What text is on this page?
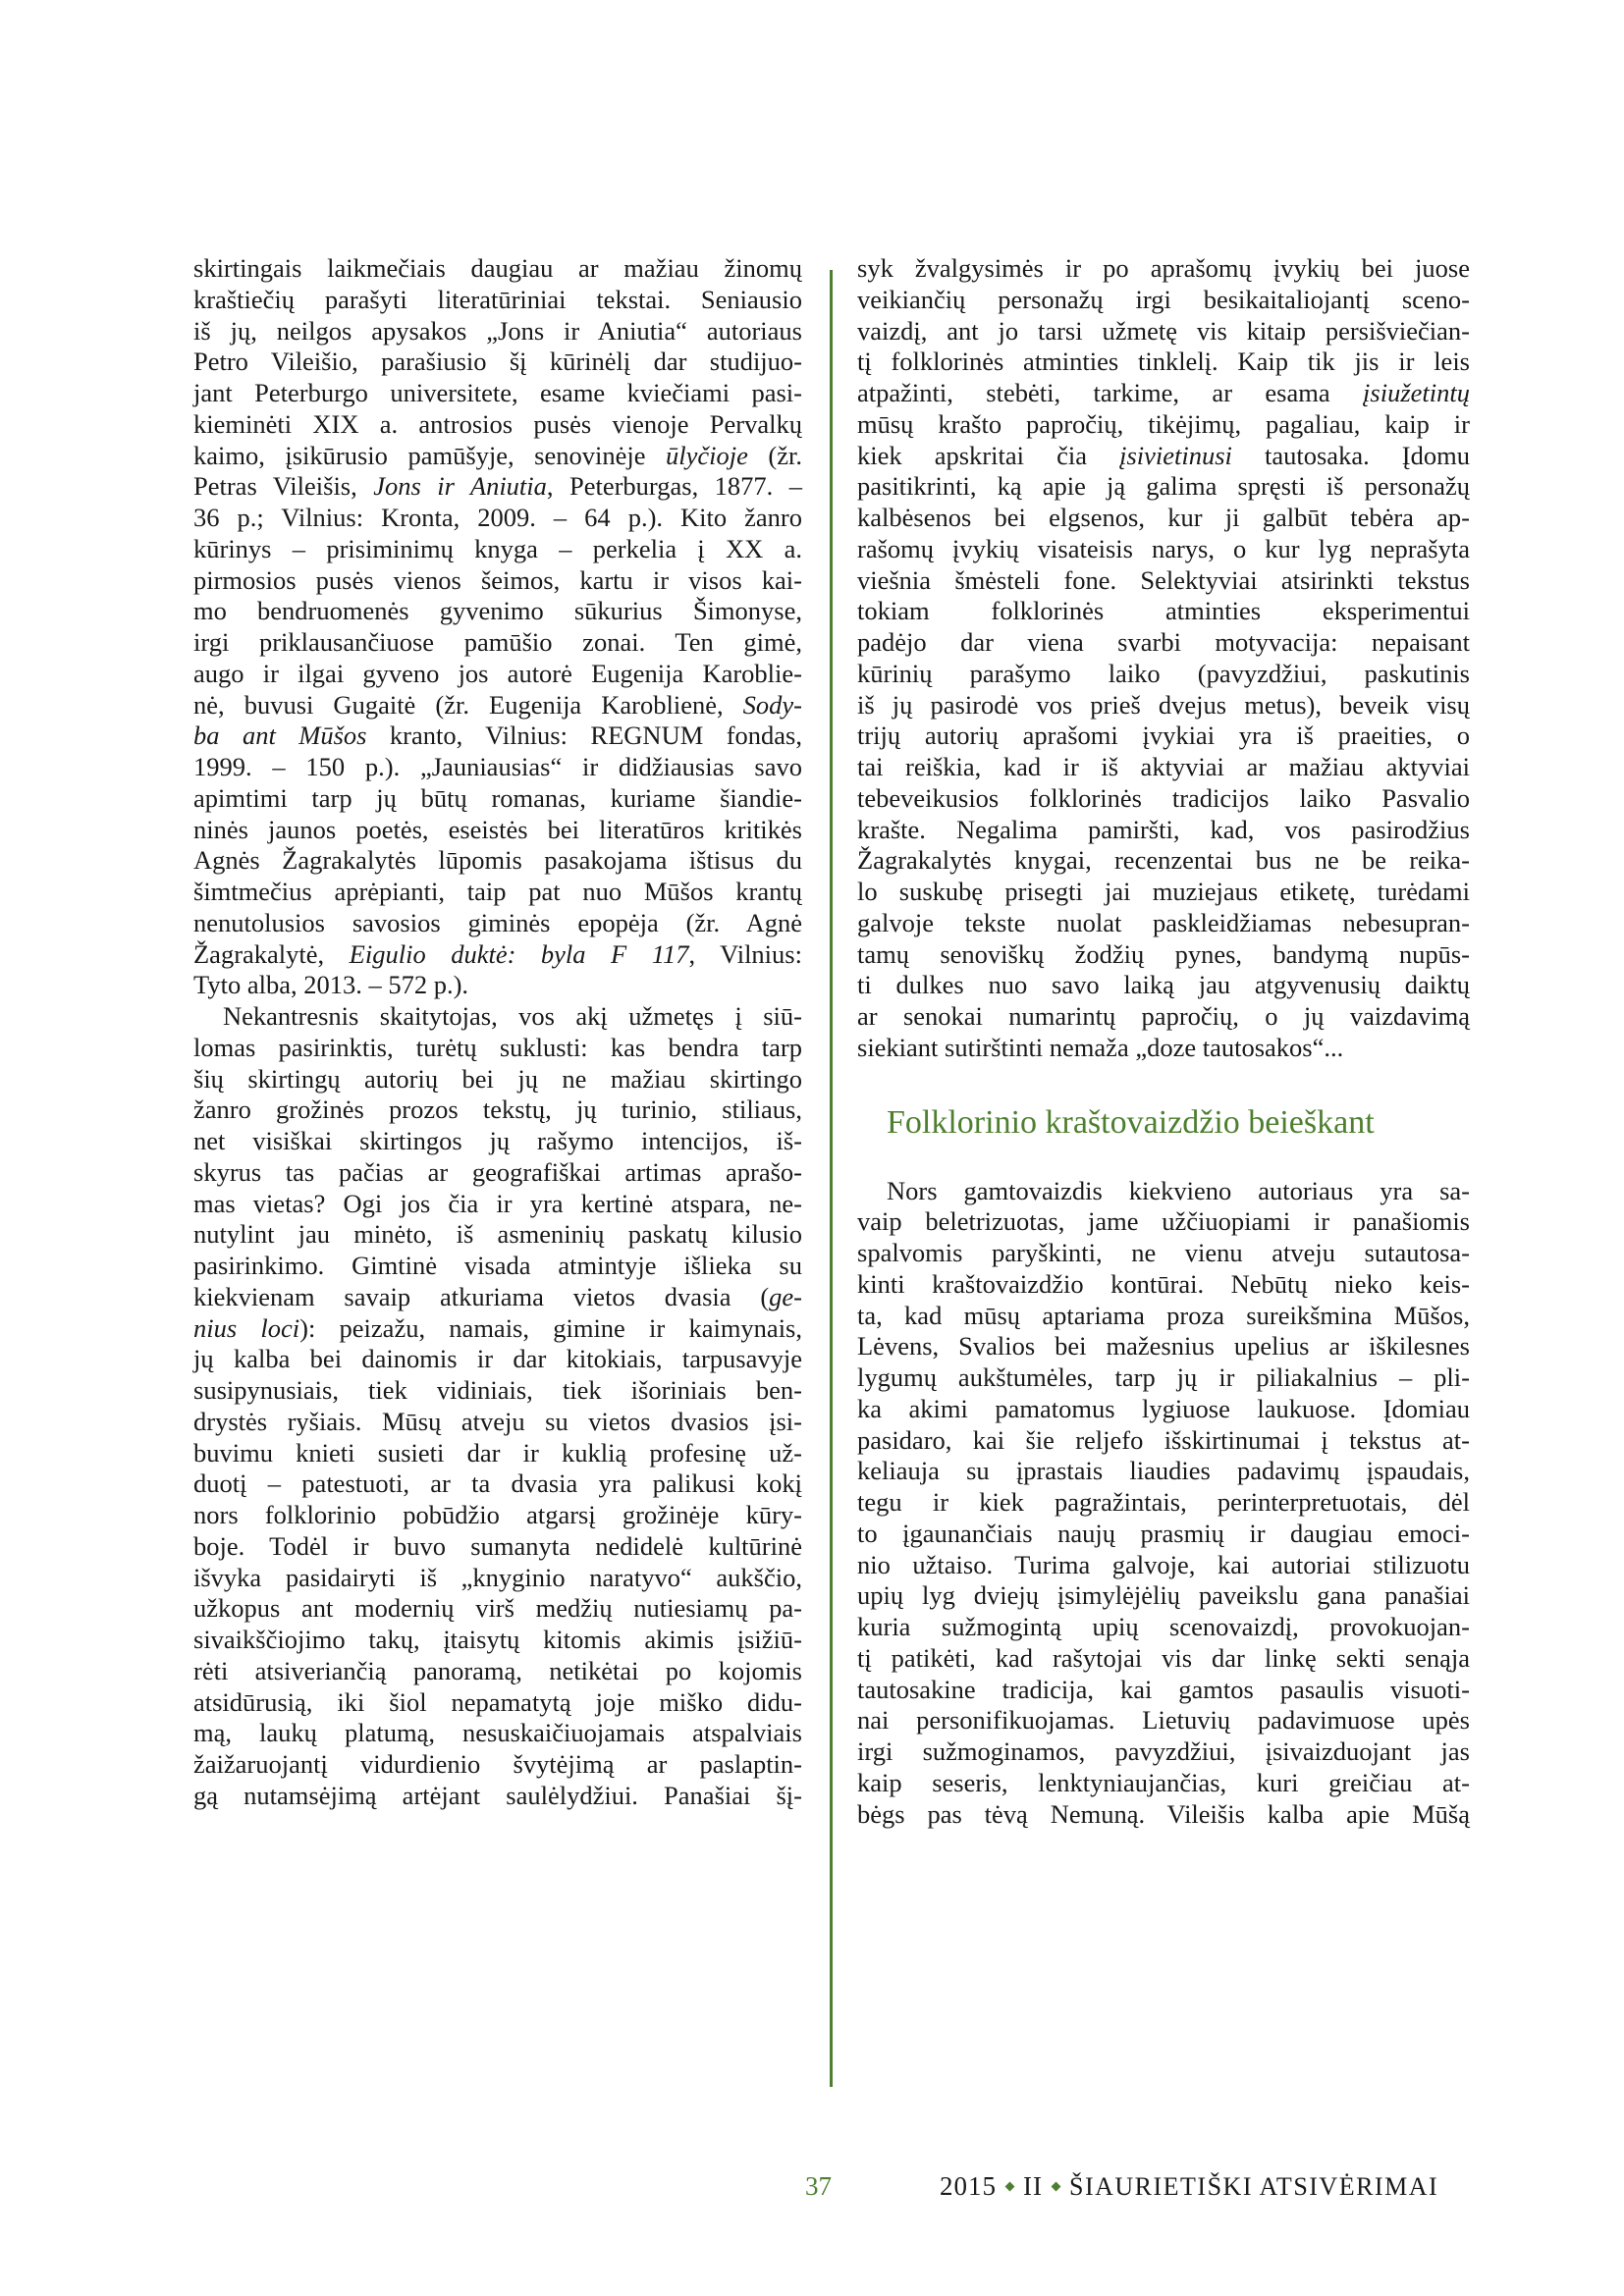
skirtingais laikmečiais daugiau ar mažiau žinomų
kraštiečių parašyti literatūriniai tekstai. Seniausio
iš jų, neilgos apysakos „Jons ir Aniutia“ autoriaus
Petro Vileišio, parašiusio šį kūrinėlį dar studijuo-
jant Peterburgo universitete, esame kviečiami pasi-
kieminėti XIX a. antrosios pusės vienoje Pervalkų
kaimo, įsikūrusio pamūšyje, senovinėje ūlyčioje (žr.
Petras Vileišis, Jons ir Aniutia, Peterburgas, 1877. –
36 p.; Vilnius: Kronta, 2009. – 64 p.). Kito žanro
kūrinys – prisiminimų knyga – perkelia į XX a.
pirmosios pusės vienos šeimos, kartu ir visos kai-
mo bendruomenės gyvenimo sūkurius Šimonyse,
irgi priklausančiuose pamūšio zonai. Ten gimė,
augo ir ilgai gyveno jos autorė Eugenija Karoblie-
nė, buvusi Gugaitė (žr. Eugenija Karoblienė, Sody-
ba ant Mūšos kranto, Vilnius: REGNUM fondas,
1999. – 150 p.). „Jauniausias“ ir didžiausias savo
apimtimi tarp jų būtų romanas, kuriame šiandie-
ninės jaunos poetės, eseistės bei literatūros kritikės
Agnės Žagrakalytės lūpomis pasakojama ištisus du
šimtmečius aprėpianti, taip pat nuo Mūšos krantų
nenutolusios savosios giminės epopėja (žr. Agnė
Žagrakalytė, Eigulio duktė: byla F 117, Vilnius:
Tyto alba, 2013. – 572 p.).
Nekantresnis skaitytojas, vos akį užmetęs į siū-
lomas pasirinktis, turėtų suklusti: kas bendra tarp
šių skirtingų autorių bei jų ne mažiau skirtingo
žanro grožinės prozos tekstų, jų turinio, stiliaus,
net visiškai skirtingos jų rašymo intencijos, iš-
skyrus tas pačias ar geografiškai artimas aprašo-
mas vietas? Ogi jos čia ir yra kertinė atspara, ne-
nutylint jau minėto, iš asmeninių paskatų kilusio
pasirinkimo. Gimtinė visada atmintyje išlieka su
kiekvienam savaip atkuriama vietos dvasia (ge-
nius loci): peizažu, namais, gimine ir kaimynais,
jų kalba bei dainomis ir dar kitokiais, tarpusavyje
susipynusiais, tiek vidiniais, tiek išoriniais ben-
drystės ryšiais. Mūsų atveju su vietos dvasios įsi-
buvimu knieti susieti dar ir kuklią profesinę už-
duotį – patestuoti, ar ta dvasia yra palikusi kokį
nors folklorinio pobūdžio atgarsį grožinėje kūry-
boje. Todėl ir buvo sumanyta nedidelė kultūrinė
išvyka pasidairyti iš „knyginio naratyvo“ aukščio,
užkopus ant modernių virš medžių nutiesiamų pa-
sivaikščiojimo takų, įtaisytų kitomis akimis įsižiū-
rėti atsiveriančią panoramą, netikėtai po kojomis
atsidūrusią, iki šiol nepamatytą joje miško didu-
mą, laukų platumą, nesuskaičiuojamais atspalviais
žaižaruojantį vidurdienio švytėjimą ar paslaptin-
gą nutamsėjimą artėjant saulėlydžiui. Panašiai šį-
syk žvalgysimės ir po aprašomų įvykių bei juose
veikiančių personažų irgi besikaitaliojantį sceno-
vaizdį, ant jo tarsi užmetę vis kitaip persišviečian-
tį folklorinės atminties tinklelį. Kaip tik jis ir leis
atpažinti, stebėti, tarkime, ar esama įsiužetintų
mūsų krašto papročių, tikėjimų, pagaliau, kaip ir
kiek apskritai čia įsivietinusi tautosaka. Įdomu
pasitikrinti, ką apie ją galima spręsti iš personažų
kalbėsenos bei elgsenos, kur ji galbūt tebėra ap-
rašomų įvykių visateisis narys, o kur lyg neprašyta
viešnia šmėsteli fone. Selektyviai atsirinkti tekstus
tokiam folklorinės atminties eksperimentui
padėjo dar viena svarbi motyvacija: nepaisant
kūrinių parašymo laiko (pavyzdžiui, paskutinis
iš jų pasirodė vos prieš dvejus metus), beveik visų
trijų autorių aprašomi įvykiai yra iš praeities, o
tai reiškia, kad ir iš aktyviai ar mažiau aktyviai
tebeveikusios folklorinės tradicijos laiko Pasvalio
krašte. Negalima pamiršti, kad, vos pasirodžius
Žagrakalytės knygai, recenzentai bus ne be reika-
lo suskubę prisegti jai muziejaus etiketę, turėdami
galvoje tekste nuolat paskleidžiamas nebesupran-
tamų senoviškų žodžių pynes, bandymą nupūs-
ti dulkes nuo savo laiką jau atgyvenusių daiktų
ar senokai numarintų papročių, o jų vaizdavimą
siekiant sutirštinti nemaža „doze tautosakos“...
Folklorinio kraštovaizdžio beieškant
Nors gamtovaizdis kiekvieno autoriaus yra sa-
vaip beletrizuotas, jame užčiuopiami ir panašiomis
spalvomis paryškinti, ne vienu atveju sutautosa-
kinti kraštovaizdžio kontūrai. Nebūtų nieko keis-
ta, kad mūsų aptariama proza sureikšmina Mūšos,
Lėvens, Svalios bei mažesnius upelius ar iškilesnes
lygumų aukštumėles, tarp jų ir piliakalnius – pli-
ka akimi pamatomus lygiuose laukuose. Įdomiau
pasidaro, kai šie reljefo išskirtinumai į tekstus at-
keliauja su įprastais liaudies padavimų įspaudais,
tegu ir kiek pagražintais, perinterpretuotais, dėl
to įgaunančiais naujų prasmių ir daugiau emoci-
nio užtaiso. Turima galvoje, kai autoriai stilizuotu
upių lyg dviejų įsimylėjėlių paveikslu gana panašiai
kuria sužmogintą upių scenovaizdį, provokuojan-
tį patikėti, kad rašytojai vis dar linkę sekti senąja
tautosakine tradicija, kai gamtos pasaulis visuoti-
nai personifikuojamas. Lietuvių padavimuose upės
irgi sužmoginamos, pavyzdžiui, įsivaizduojant jas
kaip seseris, lenktyniaujančias, kuri greičiau at-
bėgs pas tėvą Nemuną. Vileišis kalba apie Mūšą
37	2015 II ŠIAURIETIŠKI ATSIVĖRIMAI
